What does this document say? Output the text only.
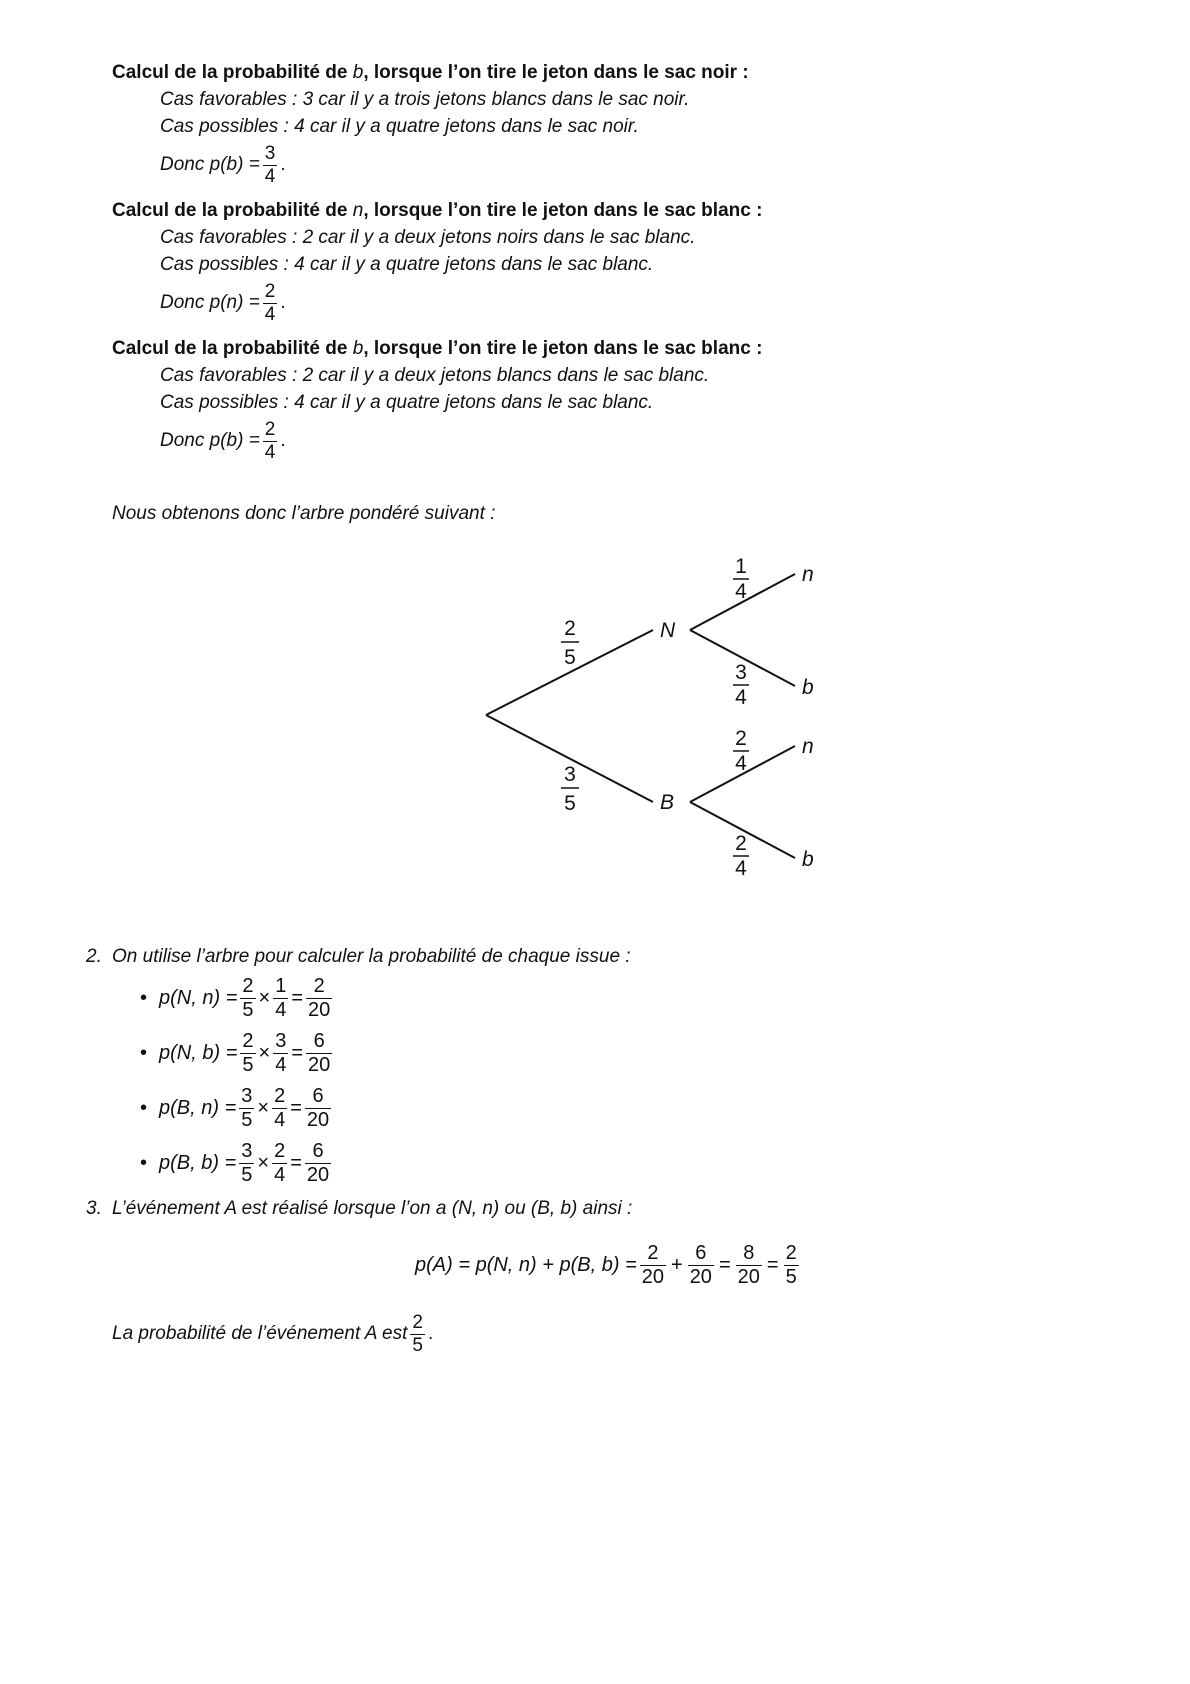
Calcul de la probabilité de b, lorsque l’on tire le jeton dans le sac noir :
Cas favorables : 3 car il y a trois jetons blancs dans le sac noir.
Cas possibles : 4 car il y a quatre jetons dans le sac noir.
Donc $p(b) = \frac{3}{4}$ .
Calcul de la probabilité de n, lorsque l’on tire le jeton dans le sac blanc :
Cas favorables : 2 car il y a deux jetons noirs dans le sac blanc.
Cas possibles : 4 car il y a quatre jetons dans le sac blanc.
Donc $p(n) = \frac{2}{4}$ .
Calcul de la probabilité de b, lorsque l’on tire le jeton dans le sac blanc :
Cas favorables : 2 car il y a deux jetons blancs dans le sac blanc.
Cas possibles : 4 car il y a quatre jetons dans le sac blanc.
Donc $p(b) = \frac{2}{4}$ .
Nous obtenons donc l’arbre pondéré suivant :
N
B
n
b
n
b
2
5
3
5
1
4
3
4
2
4
2
4
2. On utilise l’arbre pour calculer la probabilité de chaque issue :
• p(N, $n) = \frac{2}{5} \times \frac{1}{4} = \frac{2}{20}$
• p(N, $b) = \frac{2}{5} \times \frac{3}{4} = \frac{6}{20}$
• p(B, $n) = \frac{3}{5} \times \frac{2}{4} = \frac{6}{20}$
• p(B, $b) = \frac{3}{5} \times \frac{2}{4} = \frac{6}{20}$
3. L’événement A est réalisé lorsque l’on a (N, n) ou (B, b) ainsi :
p(A) = p(N, n) + p(B, $b) = \frac{2}{20} + \frac{6}{20} = \frac{8}{20} = \frac{2}{5}$
La probabilité de l’événement A est $\frac{2}{5}$ .
